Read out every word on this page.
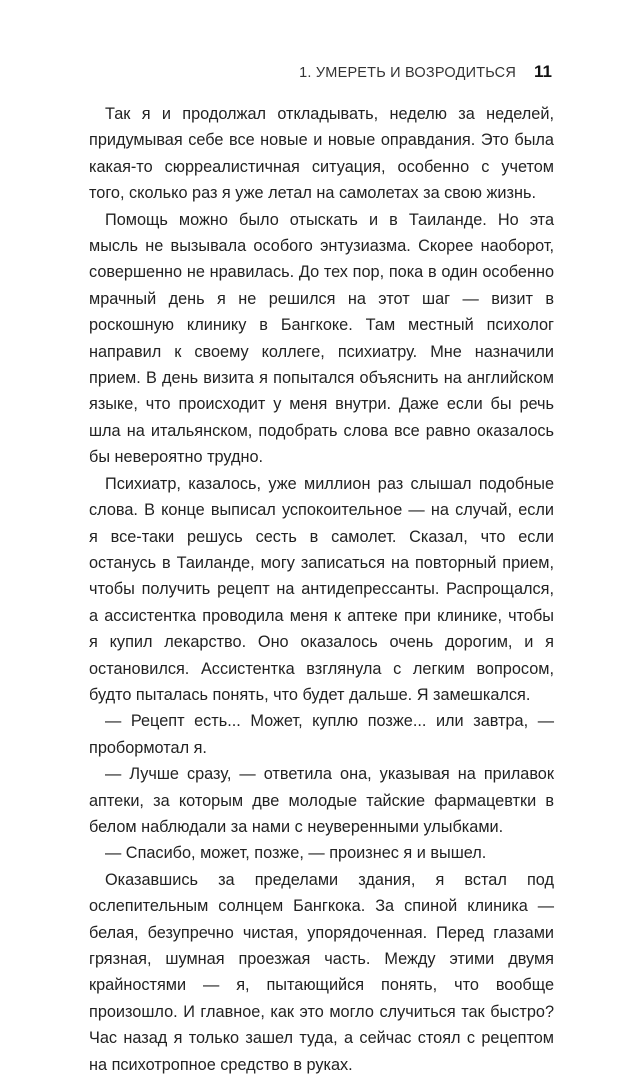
1. УМЕРЕТЬ И ВОЗРОДИТЬСЯ 11

Так я и продолжал откладывать, неделю за неделей, придумывая себе все новые и новые оправдания. Это была какая-то сюрреалистичная ситуация, особенно с учетом того, сколько раз я уже летал на самолетах за свою жизнь.

Помощь можно было отыскать и в Таиланде. Но эта мысль не вызывала особого энтузиазма. Скорее наоборот, совершенно не нравилась. До тех пор, пока в один особенно мрачный день я не решился на этот шаг — визит в роскошную клинику в Бангкоке. Там местный психолог направил к своему коллеге, психиатру. Мне назначили прием. В день визита я попытался объяснить на английском языке, что происходит у меня внутри. Даже если бы речь шла на итальянском, подобрать слова все равно оказалось бы невероятно трудно.

Психиатр, казалось, уже миллион раз слышал подобные слова. В конце выписал успокоительное — на случай, если я все-таки решусь сесть в самолет. Сказал, что если останусь в Таиланде, могу записаться на повторный прием, чтобы получить рецепт на антидепрессанты. Распрощался, а ассистентка проводила меня к аптеке при клинике, чтобы я купил лекарство. Оно оказалось очень дорогим, и я остановился. Ассистентка взглянула с легким вопросом, будто пыталась понять, что будет дальше. Я замешкался.

— Рецепт есть... Может, куплю позже... или завтра, — пробормотал я.

— Лучше сразу, — ответила она, указывая на прилавок аптеки, за которым две молодые тайские фармацевтки в белом наблюдали за нами с неуверенными улыбками.

— Спасибо, может, позже, — произнес я и вышел.

Оказавшись за пределами здания, я встал под ослепительным солнцем Бангкока. За спиной клиника — белая, безупречно чистая, упорядоченная. Перед глазами грязная, шумная проезжая часть. Между этими двумя крайностями — я, пытающийся понять, что вообще произошло. И главное, как это могло случиться так быстро? Час назад я только зашел туда, а сейчас стоял с рецептом на психотропное средство в руках.
